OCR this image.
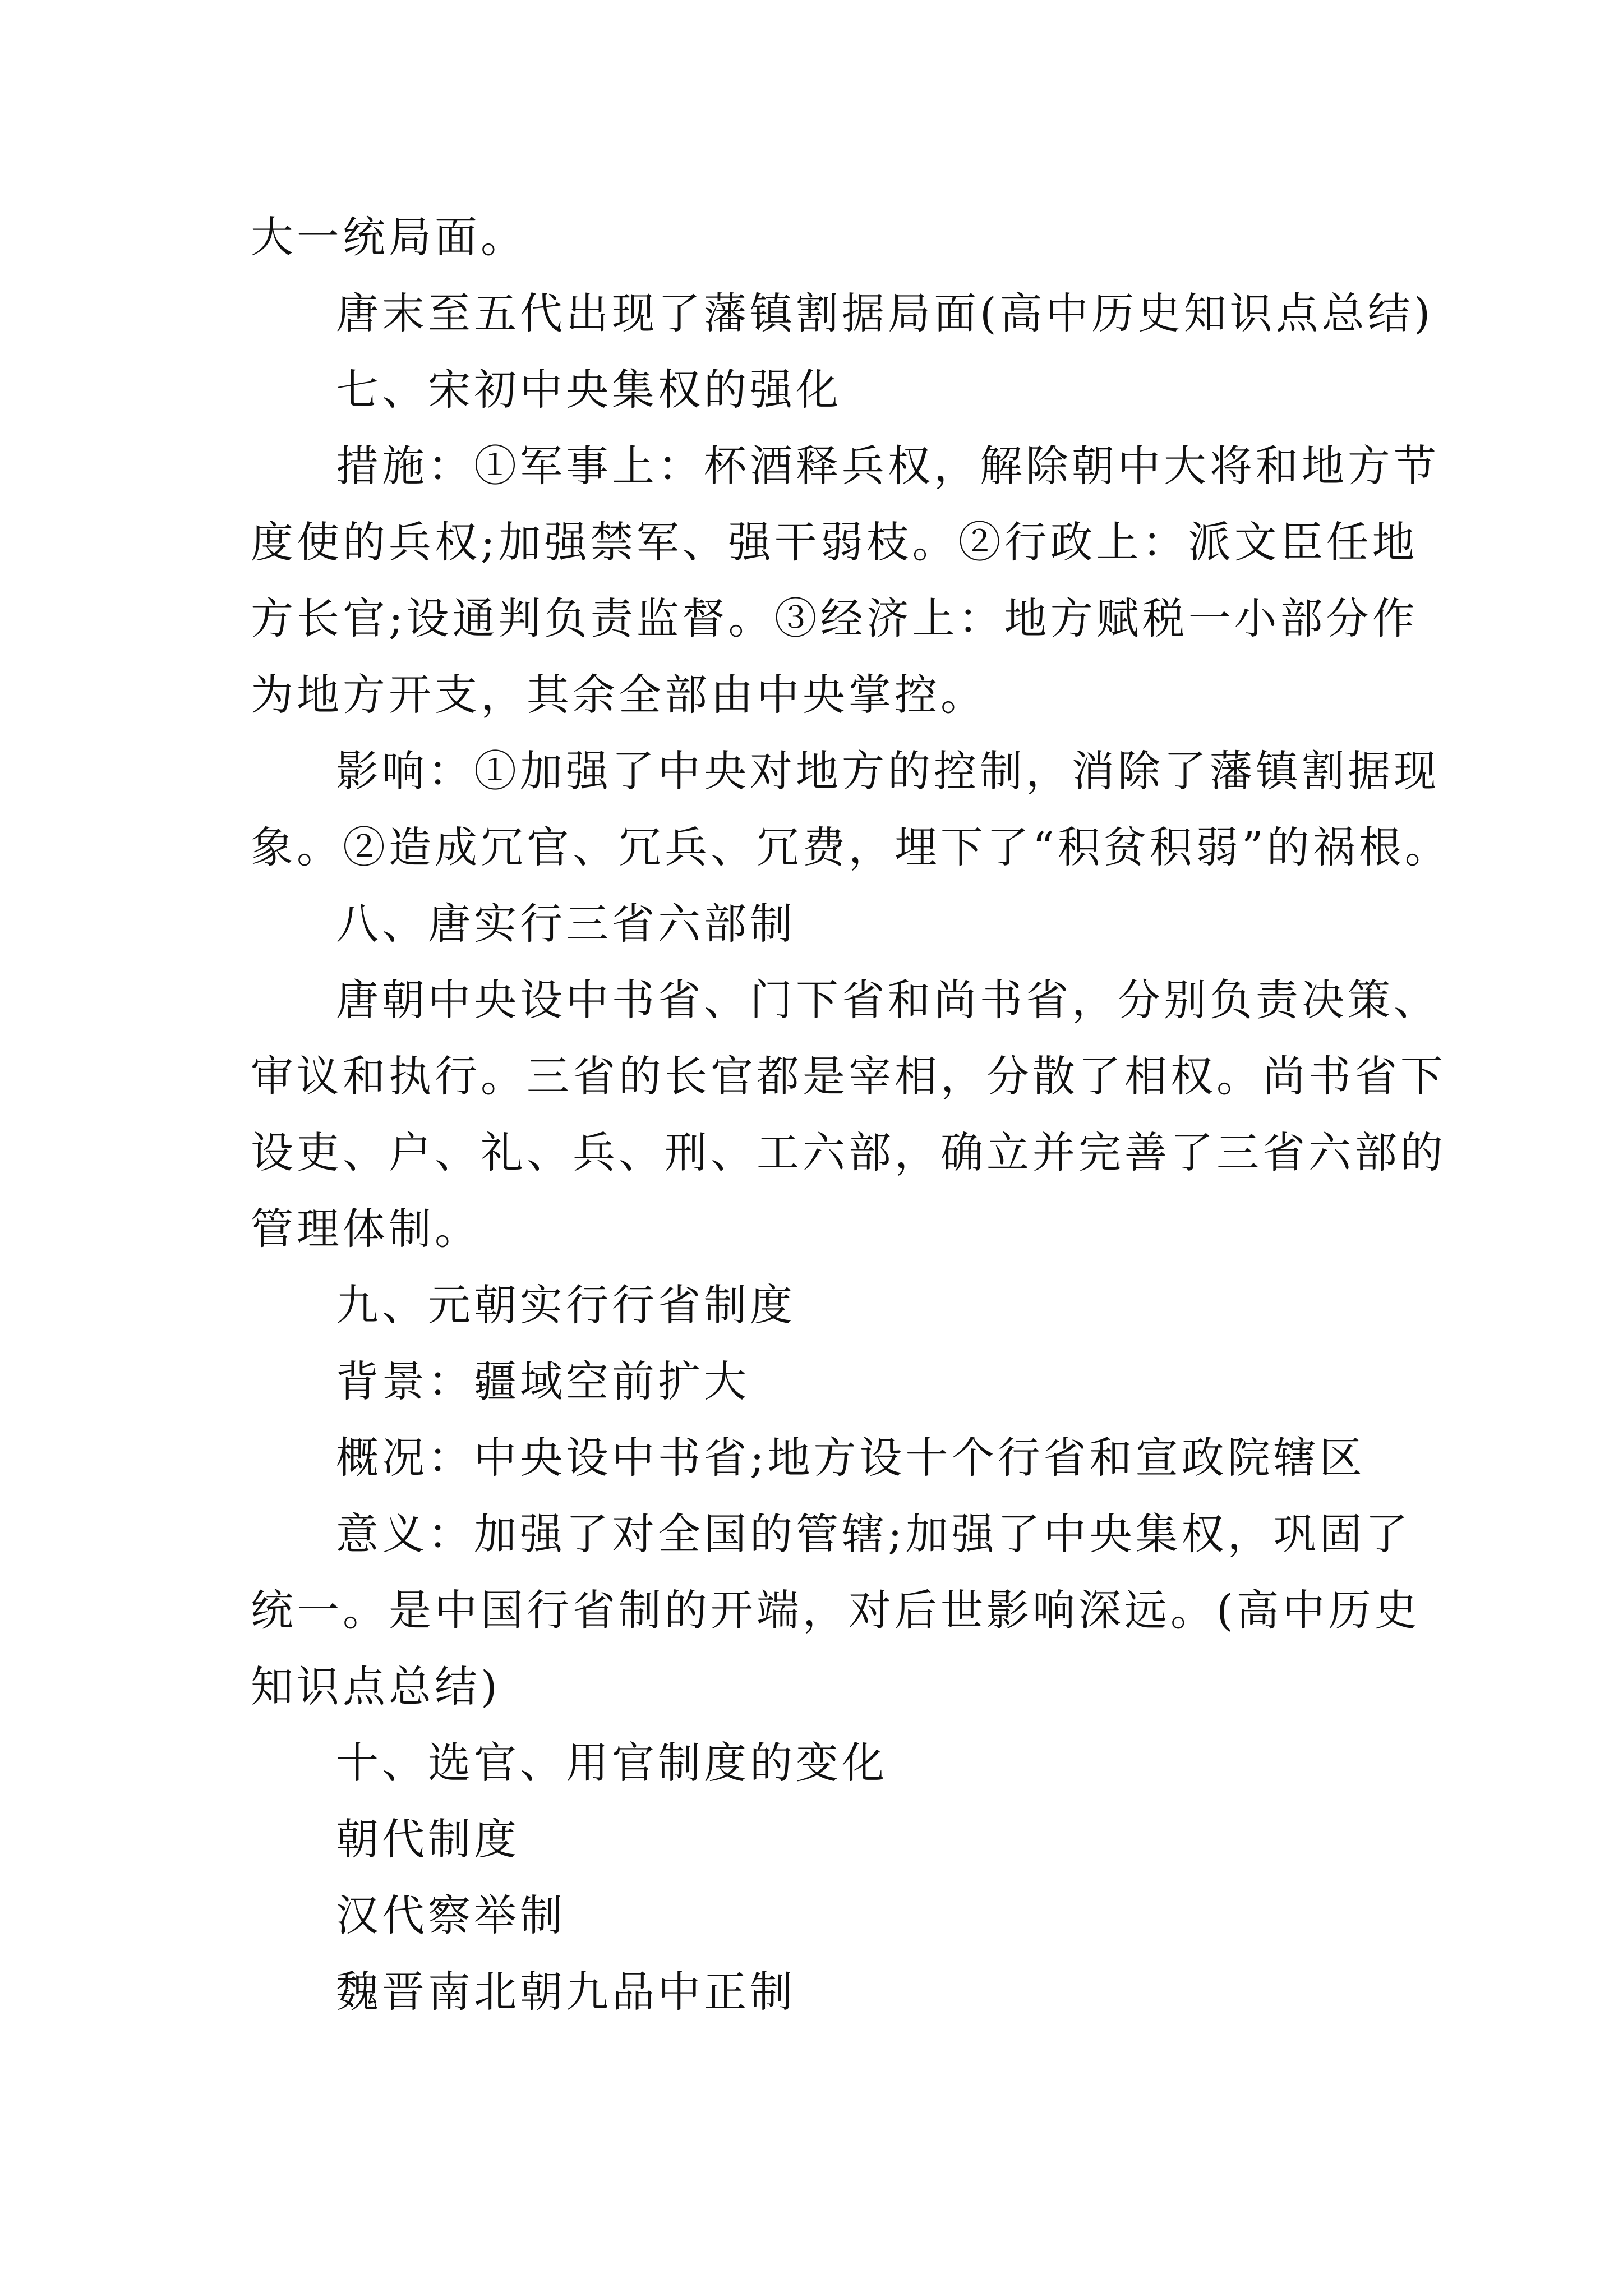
大一统局面。
唐末至五代出现了藩镇割据局面(高中历史知识点总结)
七、宋初中央集权的强化
措施：①军事上：杯酒释兵权，解除朝中大将和地方节
度使的兵权;加强禁军、强干弱枝。②行政上：派文臣任地
方长官;设通判负责监督。③经济上：地方赋税一小部分作
为地方开支，其余全部由中央掌控。
影响：①加强了中央对地方的控制，消除了藩镇割据现
象。②造成冗官、冗兵、冗费，埋下了“积贫积弱”的祸根。
八、唐实行三省六部制
唐朝中央设中书省、门下省和尚书省，分别负责决策、
审议和执行。三省的长官都是宰相，分散了相权。尚书省下
设吏、户、礼、兵、刑、工六部，确立并完善了三省六部的
管理体制。
九、元朝实行行省制度
背景：疆域空前扩大
概况：中央设中书省;地方设十个行省和宣政院辖区
意义：加强了对全国的管辖;加强了中央集权，巩固了
统一。是中国行省制的开端，对后世影响深远。(高中历史
知识点总结)
十、选官、用官制度的变化
朝代制度
汉代察举制
魏晋南北朝九品中正制
